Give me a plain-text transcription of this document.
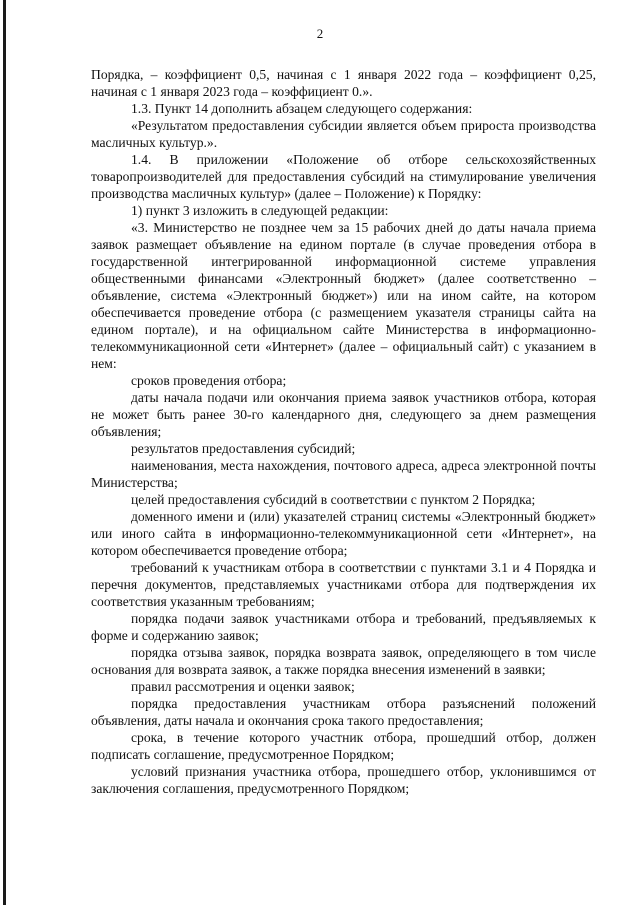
2

Порядка, – коэффициент 0,5, начиная с 1 января 2022 года – коэффициент 0,25, начиная с 1 января 2023 года – коэффициент 0.».

1.3. Пункт 14 дополнить абзацем следующего содержания:

«Результатом предоставления субсидии является объем прироста производства масличных культур.».

1.4. В приложении «Положение об отборе сельскохозяйственных товаропроизводителей для предоставления субсидий на стимулирование увеличения производства масличных культур» (далее – Положение) к Порядку:

1) пункт 3 изложить в следующей редакции:

«3. Министерство не позднее чем за 15 рабочих дней до даты начала приема заявок размещает объявление на едином портале (в случае проведения отбора в государственной интегрированной информационной системе управления общественными финансами «Электронный бюджет» (далее соответственно – объявление, система «Электронный бюджет») или на ином сайте, на котором обеспечивается проведение отбора (с размещением указателя страницы сайта на едином портале), и на официальном сайте Министерства в информационно-телекоммуникационной сети «Интернет» (далее – официальный сайт) с указанием в нем:

сроков проведения отбора;

даты начала подачи или окончания приема заявок участников отбора, которая не может быть ранее 30-го календарного дня, следующего за днем размещения объявления;

результатов предоставления субсидий;

наименования, места нахождения, почтового адреса, адреса электронной почты Министерства;

целей предоставления субсидий в соответствии с пунктом 2 Порядка;

доменного имени и (или) указателей страниц системы «Электронный бюджет» или иного сайта в информационно-телекоммуникационной сети «Интернет», на котором обеспечивается проведение отбора;

требований к участникам отбора в соответствии с пунктами 3.1 и 4 Порядка и перечня документов, представляемых участниками отбора для подтверждения их соответствия указанным требованиям;

порядка подачи заявок участниками отбора и требований, предъявляемых к форме и содержанию заявок;

порядка отзыва заявок, порядка возврата заявок, определяющего в том числе основания для возврата заявок, а также порядка внесения изменений в заявки;

правил рассмотрения и оценки заявок;

порядка предоставления участникам отбора разъяснений положений объявления, даты начала и окончания срока такого предоставления;

срока, в течение которого участник отбора, прошедший отбор, должен подписать соглашение, предусмотренное Порядком;

условий признания участника отбора, прошедшего отбор, уклонившимся от заключения соглашения, предусмотренного Порядком;
